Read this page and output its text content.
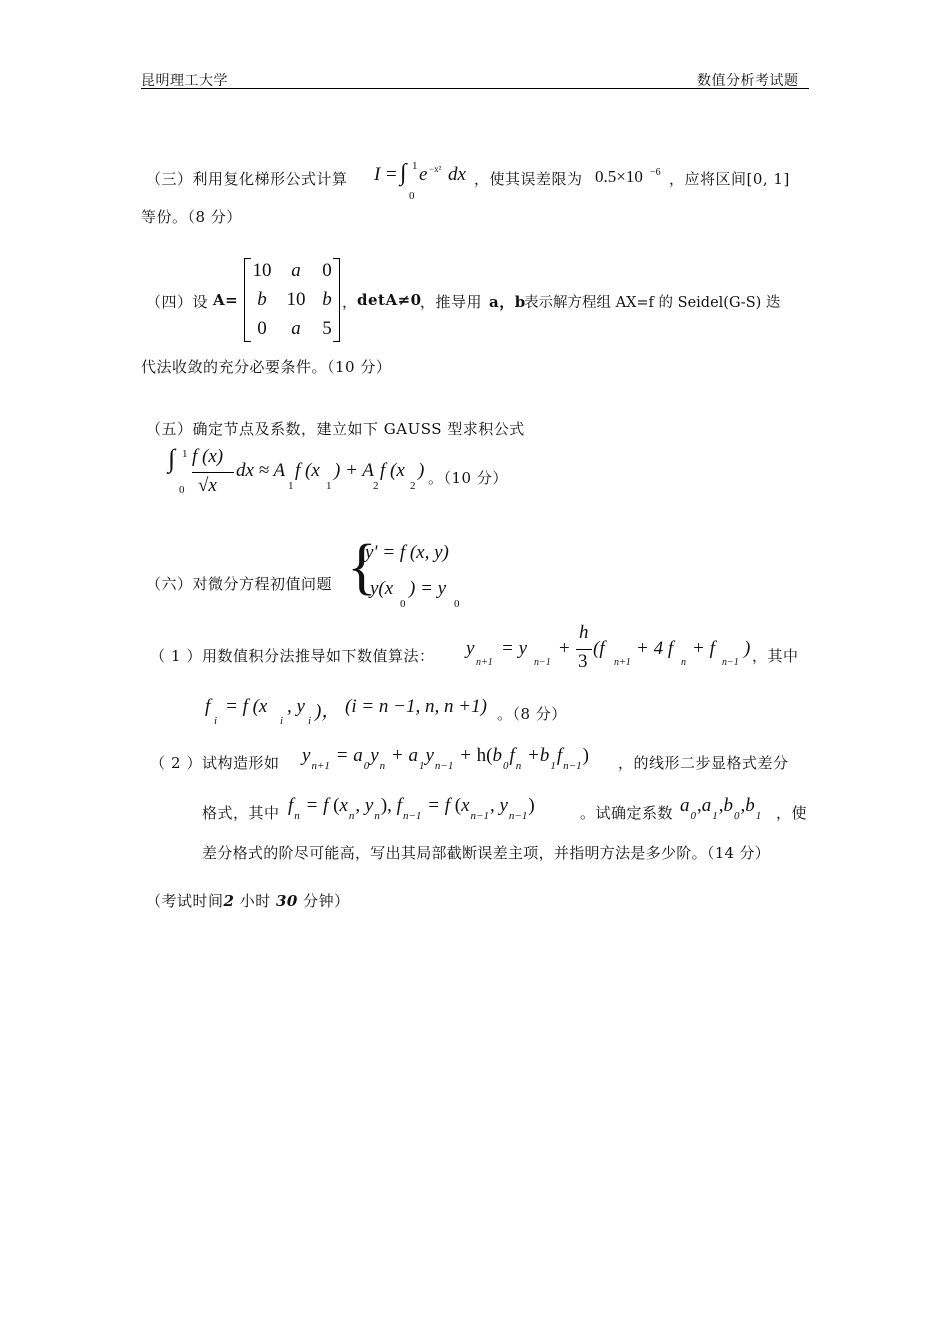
昆明理工大学	数值分析考试题
（三）利用复化梯形公式计算 I = ∫ 1
0
e −x² dx ，使其误差限为 0.5×10 −6 ，应将区间[0, 1]
等份。（8 分）
（四）设 A=
10	a	0
b	10 b
0	a	5
， detA≠0
，推导用 a，b
表示解方程组 AX=f 的 Seidel(G-S) 迭
代法收敛的充分必要条件。（10 分）
（五）确定节点及系数，建立如下 GAUSS 型求积公式
∫ 1
0
f (x)
√x
dx ≈ A
1
f (x
1
) + A
2
f (x
2
) 。（10 分）
（六）对微分方程初值问题 {
y' = f (x, y)
y(x
0
) = y
0
（1）
用数值积分法推导如下数值算法： y
n+1
= y
n−1
+
h
3
(f
n+1
+ 4 f
n
+ f
n−1
) ，其中
f
i
= f (x
i
, y
i )， (i = n −1, n, n +1) 。（8 分）
（2）
试构造形如 $y_{n+1} = a_0y_n + a_1y_{n-1} + h(b_0f_n +b_1f_{n-1})$ ，的线形二步显格式差分
格式，其中 $f_n = f$ ($x_n$, $y_n$), $f_{n-1} = f$ ($x_{n-1}$, $y_{n-1}$)	。试确定系数 $a_0,a_1,b_0,b_1$ ，使
差分格式的阶尽可能高，写出其局部截断误差主项，并指明方法是多少阶。（14 分）
（考试时间2 小时 30 分钟）
